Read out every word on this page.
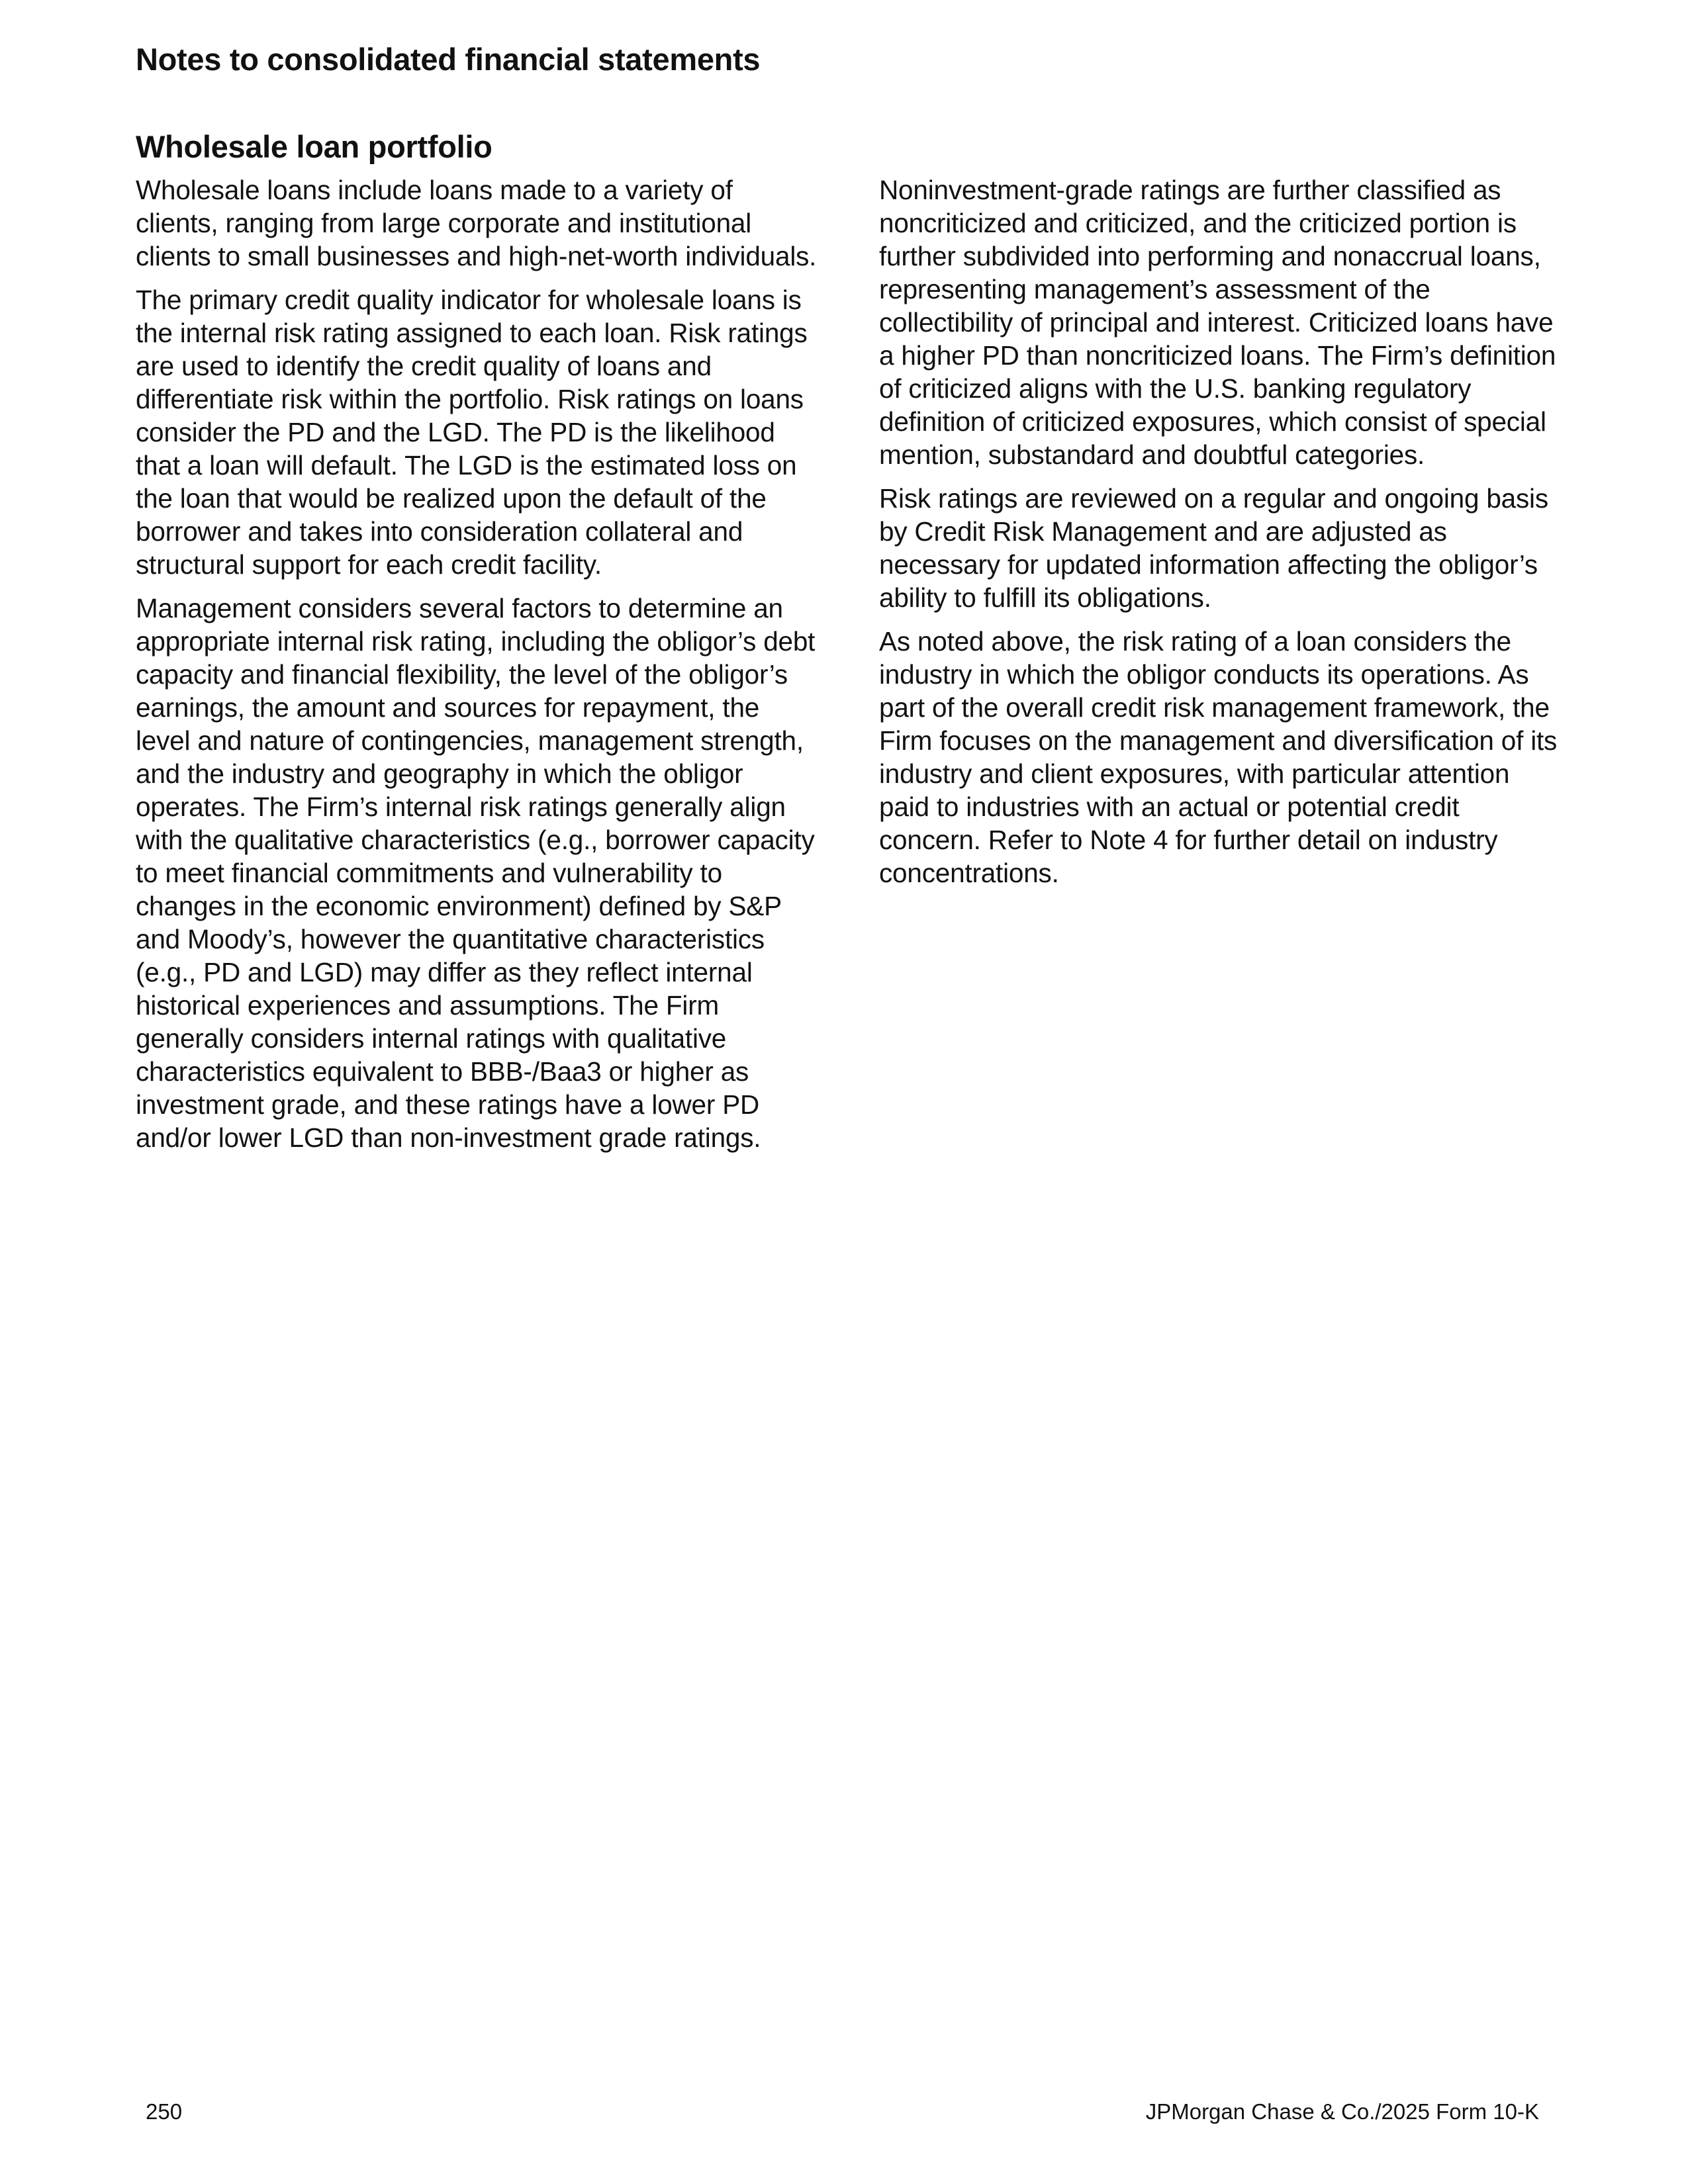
Notes to consolidated financial statements
Wholesale loan portfolio

Wholesale loans include loans made to a variety of clients, ranging from large corporate and institutional clients to small businesses and high-net-worth individuals.

The primary credit quality indicator for wholesale loans is the internal risk rating assigned to each loan. Risk ratings are used to identify the credit quality of loans and differentiate risk within the portfolio. Risk ratings on loans consider the PD and the LGD. The PD is the likelihood that a loan will default. The LGD is the estimated loss on the loan that would be realized upon the default of the borrower and takes into consideration collateral and structural support for each credit facility.

Management considers several factors to determine an appropriate internal risk rating, including the obligor’s debt capacity and financial flexibility, the level of the obligor’s earnings, the amount and sources for repayment, the level and nature of contingencies, management strength, and the industry and geography in which the obligor operates. The Firm’s internal risk ratings generally align with the qualitative characteristics (e.g., borrower capacity to meet financial commitments and vulnerability to changes in the economic environment) defined by S&P and Moody’s, however the quantitative characteristics (e.g., PD and LGD) may differ as they reflect internal historical experiences and assumptions. The Firm generally considers internal ratings with qualitative characteristics equivalent to BBB-/Baa3 or higher as investment grade, and these ratings have a lower PD and/or lower LGD than non-investment grade ratings.

Noninvestment-grade ratings are further classified as noncriticized and criticized, and the criticized portion is further subdivided into performing and nonaccrual loans, representing management’s assessment of the collectibility of principal and interest. Criticized loans have a higher PD than noncriticized loans. The Firm’s definition of criticized aligns with the U.S. banking regulatory definition of criticized exposures, which consist of special mention, substandard and doubtful categories.

Risk ratings are reviewed on a regular and ongoing basis by Credit Risk Management and are adjusted as necessary for updated information affecting the obligor’s ability to fulfill its obligations.

As noted above, the risk rating of a loan considers the industry in which the obligor conducts its operations. As part of the overall credit risk management framework, the Firm focuses on the management and diversification of its industry and client exposures, with particular attention paid to industries with an actual or potential credit concern. Refer to Note 4 for further detail on industry concentrations.

250	JPMorgan Chase & Co./2025 Form 10-K
